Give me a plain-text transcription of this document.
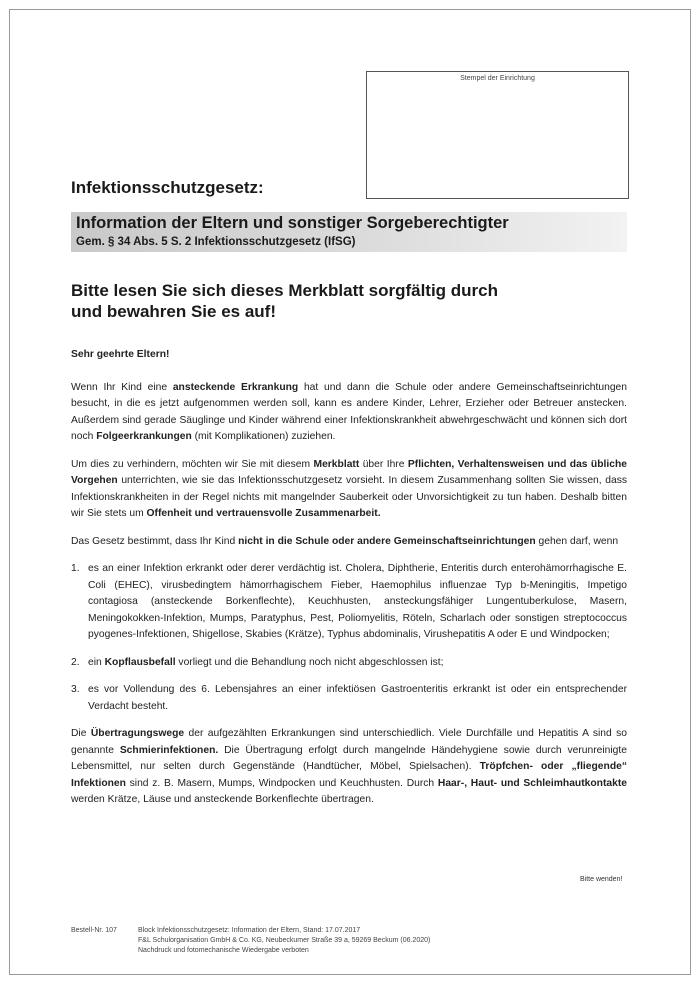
Stempel der Einrichtung
Infektionsschutzgesetz:
Information der Eltern und sonstiger Sorgeberechtigter
Gem. § 34 Abs. 5 S. 2 Infektionsschutzgesetz (IfSG)
Bitte lesen Sie sich dieses Merkblatt sorgfältig durch
und bewahren Sie es auf!

Sehr geehrte Eltern!

Wenn Ihr Kind eine ansteckende Erkrankung hat und dann die Schule oder andere Gemeinschaftseinrichtungen besucht, in die es jetzt aufgenommen werden soll, kann es andere Kinder, Lehrer, Erzieher oder Betreuer anstecken. Außerdem sind gerade Säuglinge und Kinder während einer Infektionskrankheit abwehrgeschwächt und können sich dort noch Folgeerkrankungen (mit Komplikationen) zuziehen.

Um dies zu verhindern, möchten wir Sie mit diesem Merkblatt über Ihre Pflichten, Verhaltensweisen und das übliche Vorgehen unterrichten, wie sie das Infektionsschutzgesetz vorsieht. In diesem Zusammenhang sollten Sie wissen, dass Infektionskrankheiten in der Regel nichts mit mangelnder Sauberkeit oder Unvorsichtigkeit zu tun haben. Deshalb bitten wir Sie stets um Offenheit und vertrauensvolle Zusammenarbeit.

Das Gesetz bestimmt, dass Ihr Kind nicht in die Schule oder andere Gemeinschaftseinrichtungen gehen darf, wenn

1. es an einer Infektion erkrankt oder derer verdächtig ist. Cholera, Diphtherie, Enteritis durch enterohämorrhagische E. Coli (EHEC), virusbedingtem hämorrhagischem Fieber, Haemophilus influenzae Typ b-Meningitis, Impetigo contagiosa (ansteckende Borkenflechte), Keuchhusten, ansteckungsfähiger Lungentuberkulose, Masern, Meningokokken-Infektion, Mumps, Paratyphus, Pest, Poliomyelitis, Röteln, Scharlach oder sonstigen streptococcus pyogenes-Infektionen, Shigellose, Skabies (Krätze), Typhus abdominalis, Virushepatitis A oder E und Windpocken;
2. ein Kopflausbefall vorliegt und die Behandlung noch nicht abgeschlossen ist;
3. es vor Vollendung des 6. Lebensjahres an einer infektiösen Gastroenteritis erkrankt ist oder ein entsprechender Verdacht besteht.

Die Übertragungswege der aufgezählten Erkrankungen sind unterschiedlich. Viele Durchfälle und Hepatitis A sind so genannte Schmierinfektionen. Die Übertragung erfolgt durch mangelnde Händehygiene sowie durch verunreinigte Lebensmittel, nur selten durch Gegenstände (Handtücher, Möbel, Spielsachen). Tröpfchen- oder „fliegende“ Infektionen sind z. B. Masern, Mumps, Windpocken und Keuchhusten. Durch Haar-, Haut- und Schleimhautkontakte werden Krätze, Läuse und ansteckende Borkenflechte übertragen.

Bitte wenden!
Bestell-Nr. 107	Block Infektionsschutzgesetz: Information der Eltern, Stand: 17.07.2017
F&L Schulorganisation GmbH & Co. KG, Neubeckumer Straße 39 a, 59269 Beckum (06.2020)
Nachdruck und fotomechanische Wiedergabe verboten
